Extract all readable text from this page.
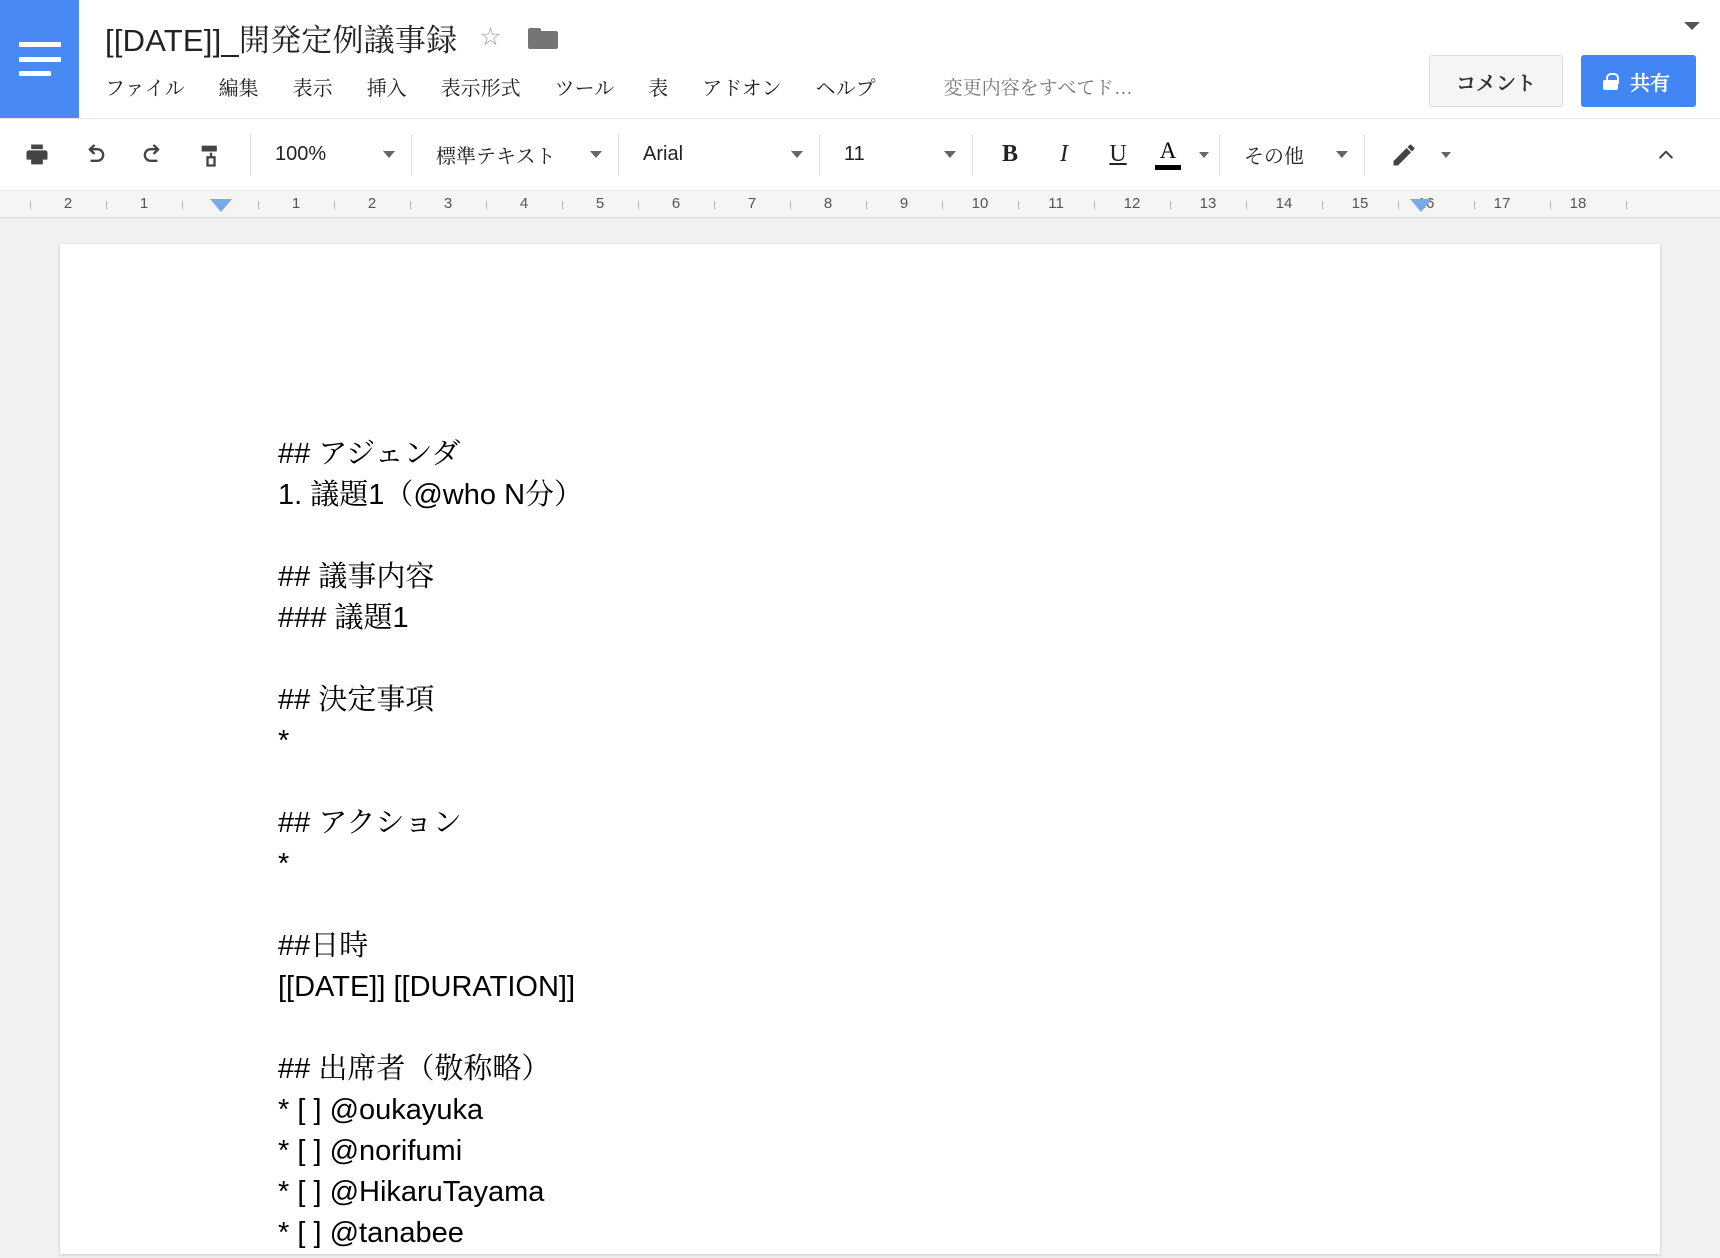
[[DATE]]_開発定例議事録 ☆
ファイル 編集 表示 挿入 表示形式 ツール 表 アドオン ヘルプ	変更内容をすべてド…	コメント	共有
100%	標準テキスト	Arial	11	B	I	U	A	その他
2	1	1	2	3	4	5	6	7	8	9	10	11	12	13	14	15	16	17	18
## アジェンダ
1. 議題1（@who N分）
## 議事内容
### 議題1
## 決定事項
*
## アクション
*
##日時
[[DATE]] [[DURATION]]
## 出席者（敬称略）
* [ ] @oukayuka
* [ ] @norifumi
* [ ] @HikaruTayama
* [ ] @tanabee
